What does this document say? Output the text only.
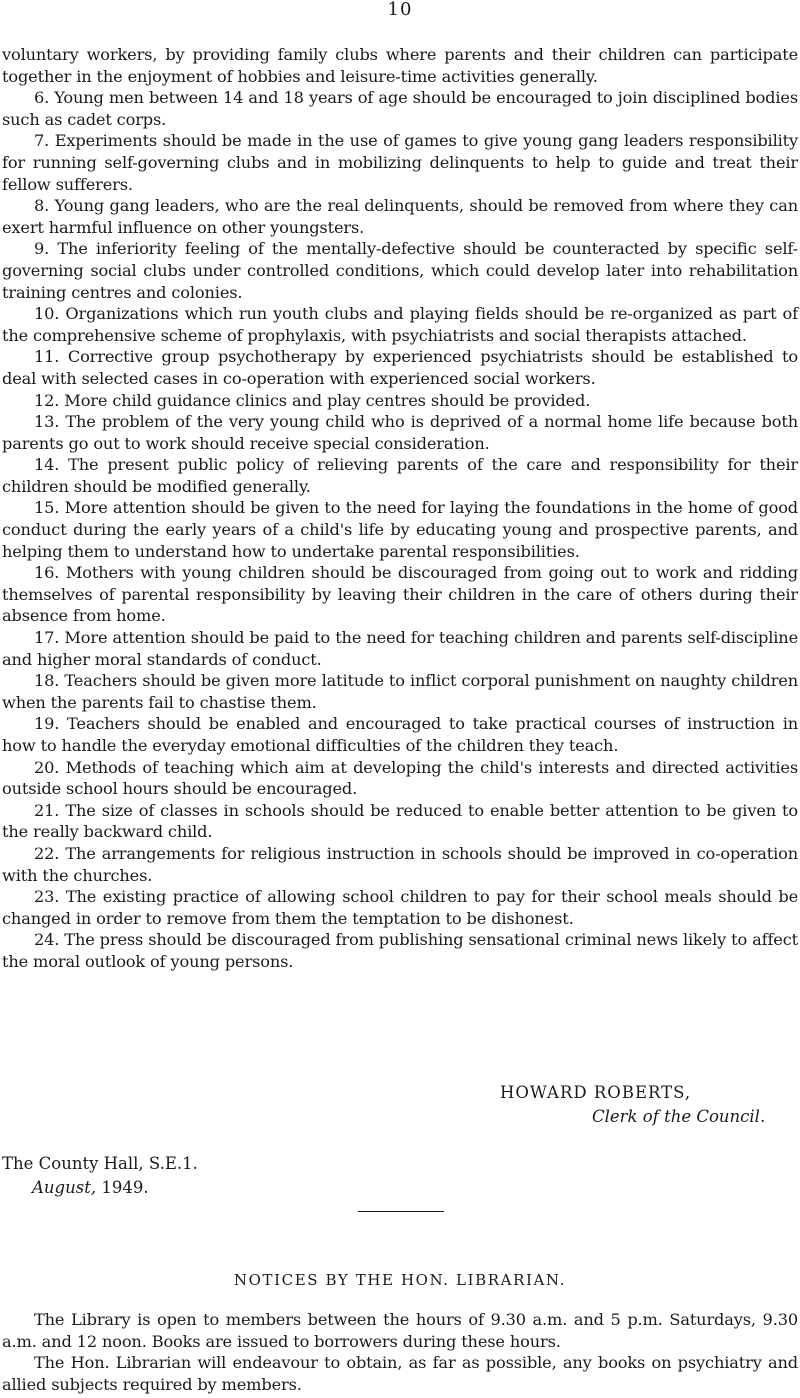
10

voluntary workers, by providing family clubs where parents and their children can participate together in the enjoyment of hobbies and leisure-time activities generally.

6. Young men between 14 and 18 years of age should be encouraged to join disciplined bodies such as cadet corps.

7. Experiments should be made in the use of games to give young gang leaders responsibility for running self-governing clubs and in mobilizing delinquents to help to guide and treat their fellow sufferers.

8. Young gang leaders, who are the real delinquents, should be removed from where they can exert harmful influence on other youngsters.

9. The inferiority feeling of the mentally-defective should be counteracted by specific self-governing social clubs under controlled conditions, which could develop later into rehabilitation training centres and colonies.

10. Organizations which run youth clubs and playing fields should be re-organized as part of the comprehensive scheme of prophylaxis, with psychiatrists and social therapists attached.

11. Corrective group psychotherapy by experienced psychiatrists should be established to deal with selected cases in co-operation with experienced social workers.

12. More child guidance clinics and play centres should be provided.

13. The problem of the very young child who is deprived of a normal home life because both parents go out to work should receive special consideration.

14. The present public policy of relieving parents of the care and responsibility for their children should be modified generally.

15. More attention should be given to the need for laying the foundations in the home of good conduct during the early years of a child's life by educating young and prospective parents, and helping them to understand how to undertake parental responsibilities.

16. Mothers with young children should be discouraged from going out to work and ridding themselves of parental responsibility by leaving their children in the care of others during their absence from home.

17. More attention should be paid to the need for teaching children and parents self-discipline and higher moral standards of conduct.

18. Teachers should be given more latitude to inflict corporal punishment on naughty children when the parents fail to chastise them.

19. Teachers should be enabled and encouraged to take practical courses of instruction in how to handle the everyday emotional difficulties of the children they teach.

20. Methods of teaching which aim at developing the child's interests and directed activities outside school hours should be encouraged.

21. The size of classes in schools should be reduced to enable better attention to be given to the really backward child.

22. The arrangements for religious instruction in schools should be improved in co-operation with the churches.

23. The existing practice of allowing school children to pay for their school meals should be changed in order to remove from them the temptation to be dishonest.

24. The press should be discouraged from publishing sensational criminal news likely to affect the moral outlook of young persons.

HOWARD ROBERTS,
Clerk of the Council.
The County Hall, S.E.1.
August, 1949.
NOTICES BY THE HON. LIBRARIAN.

The Library is open to members between the hours of 9.30 a.m. and 5 p.m. Saturdays, 9.30 a.m. and 12 noon. Books are issued to borrowers during these hours.

The Hon. Librarian will endeavour to obtain, as far as possible, any books on psychiatry and allied subjects required by members.
